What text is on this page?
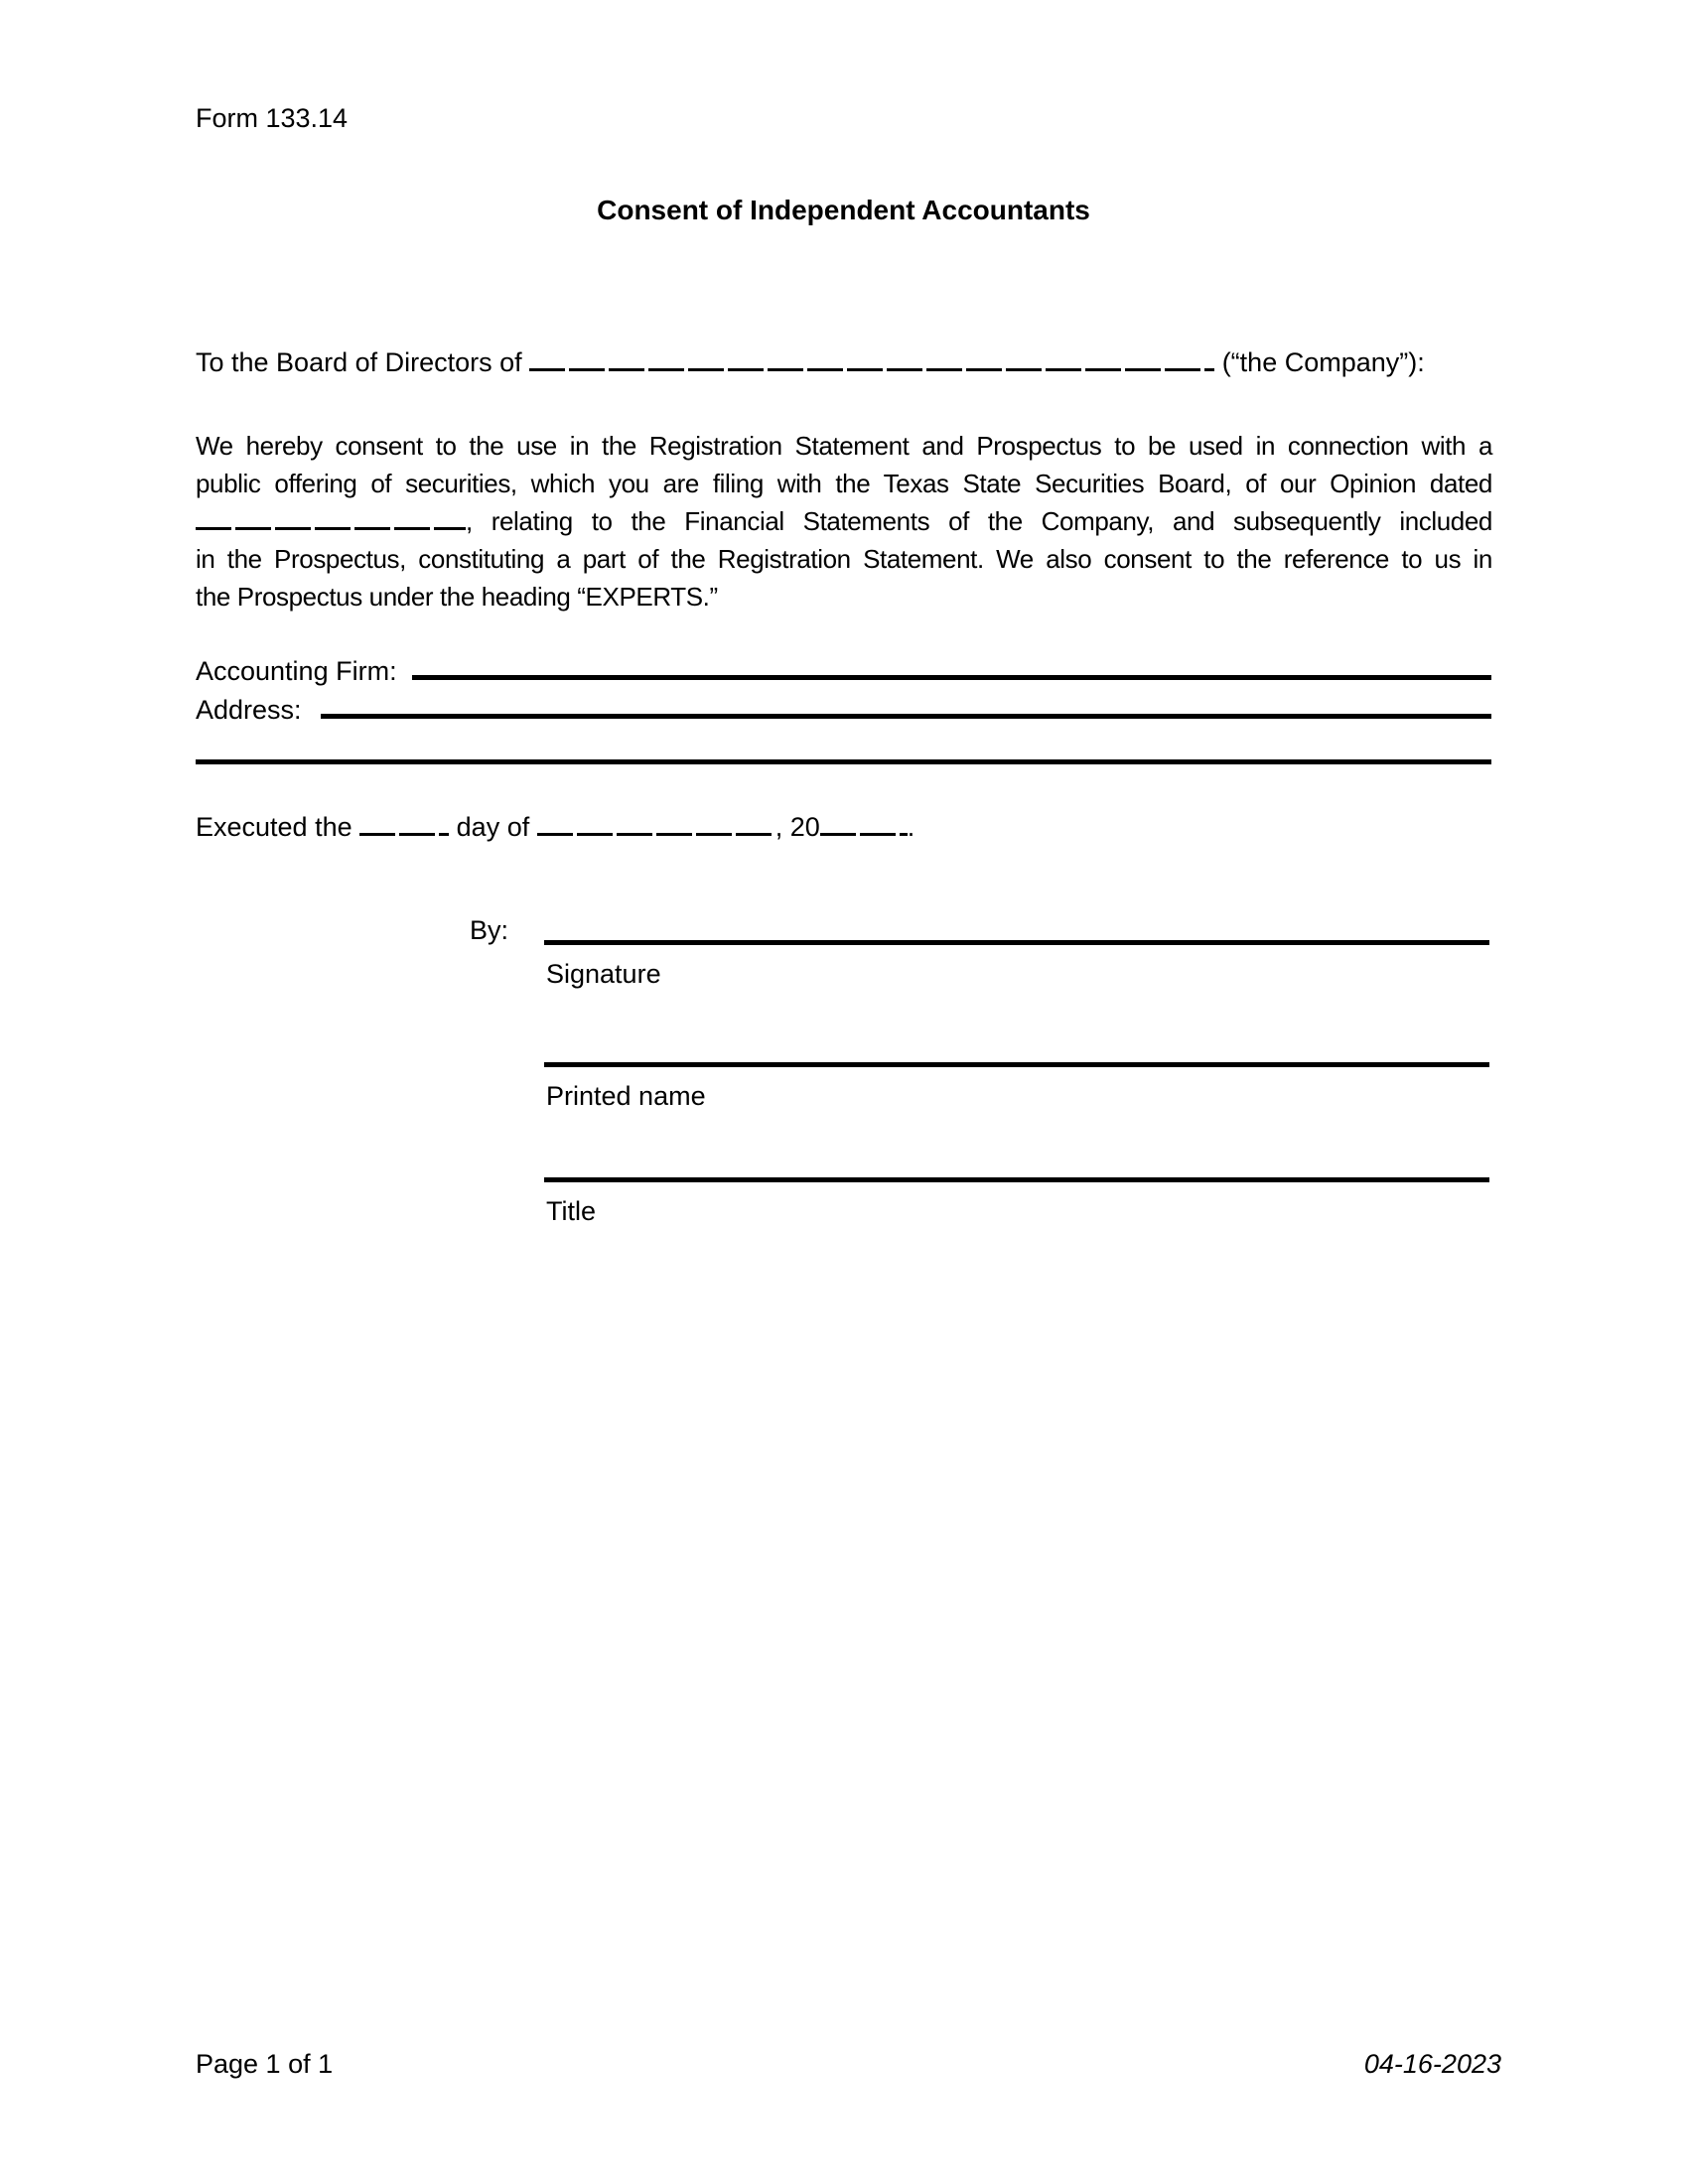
Form 133.14
Consent of Independent Accountants
To the Board of Directors of	(“the Company”):
We hereby consent to the use in the Registration Statement and Prospectus to be used in connection with a
public offering of securities, which you are filing with the Texas State Securities Board, of our Opinion dated
, relating to the Financial Statements of the Company, and subsequently included
in the Prospectus, constituting a part of the Registration Statement. We also consent to the reference to us in
the Prospectus under the heading “EXPERTS.”
Accounting Firm:
Address:
Executed the	day of	, 20	.
By:
Signature
Printed name
Title
Page 1 of 1	04-16-2023
